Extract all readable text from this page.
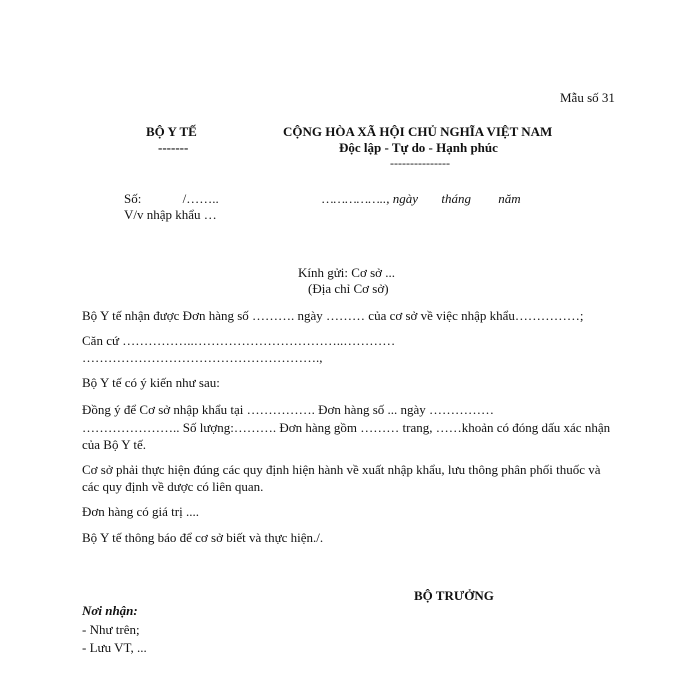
Mẫu số 31
BỘ Y TẾ
-------
CỘNG HÒA XÃ HỘI CHỦ NGHĨA VIỆT NAM
Độc lập - Tự do - Hạnh phúc
---------------
Số:	/……..
V/v nhập khẩu …
…………….., ngày tháng năm
Kính gửi: Cơ sở ...
(Địa chỉ Cơ sở)
Bộ Y tế nhận được Đơn hàng số ………. ngày ……… của cơ sở về việc nhập khẩu……………;
Căn cứ ……………..……………………………..…………
……………………………………………….,
Bộ Y tế có ý kiến như sau:
Đồng ý để Cơ sở nhập khẩu tại ……………. Đơn hàng số ... ngày ……………
………………….. Số lượng:………. Đơn hàng gồm ……… trang, ……khoản có đóng dấu xác nhận của Bộ Y tế.
Cơ sở phải thực hiện đúng các quy định hiện hành về xuất nhập khẩu, lưu thông phân phối thuốc và các quy định về dược có liên quan.
Đơn hàng có giá trị ....
Bộ Y tế thông báo để cơ sở biết và thực hiện./.
BỘ TRƯỞNG
Nơi nhận:
- Như trên;
- Lưu VT, ...
